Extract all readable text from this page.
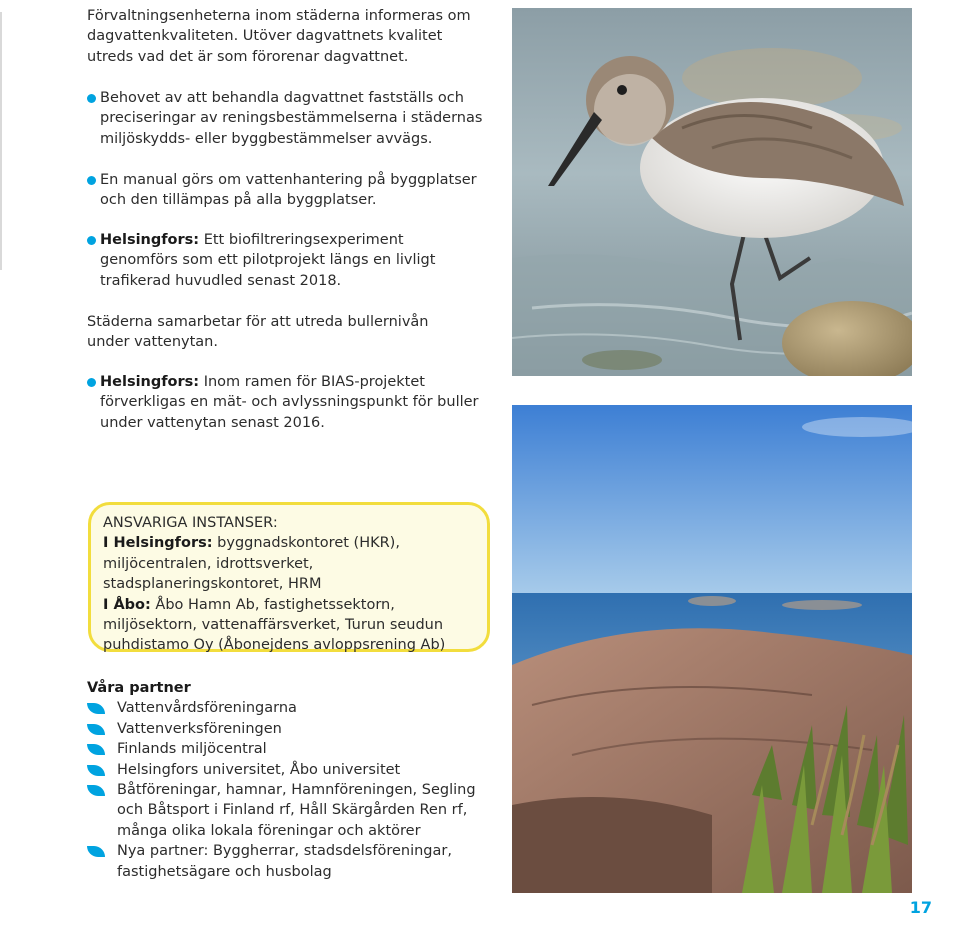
Förvaltningsenheterna inom städerna informeras om dagvattenkvaliteten. Utöver dagvattnets kvalitet utreds vad det är som förorenar dagvattnet.
Behovet av att behandla dagvattnet fastställs och preciseringar av reningsbestämmelserna i städernas miljöskydds- eller byggbestämmelser avvägs.
En manual görs om vattenhantering på byggplatser och den tillämpas på alla byggplatser.
Helsingfors: Ett biofiltreringsexperiment genomförs som ett pilotprojekt längs en livligt trafikerad huvudled senast 2018.
Städerna samarbetar för att utreda bullernivån under vattenytan.
Helsingfors: Inom ramen för BIAS-projektet förverkligas en mät- och avlyssningspunkt för buller under vattenytan senast 2016.
ANSVARIGA INSTANSER:
I Helsingfors: byggnadskontoret (HKR), miljöcentralen, idrottsverket, stadsplaneringskontoret, HRM
I Åbo: Åbo Hamn Ab, fastighetssektorn, miljösektorn, vattenaffärsverket, Turun seudun puhdistamo Oy (Åbonejdens avloppsrening Ab)
Våra partner
Vattenvårdsföreningarna
Vattenverksföreningen
Finlands miljöcentral
Helsingfors universitet, Åbo universitet
Båtföreningar, hamnar, Hamnföreningen, Segling och Båtsport i Finland rf, Håll Skärgården Ren rf, många olika lokala föreningar och aktörer
Nya partner: Byggherrar, stadsdelsföreningar, fastighetsägare och husbolag
17
